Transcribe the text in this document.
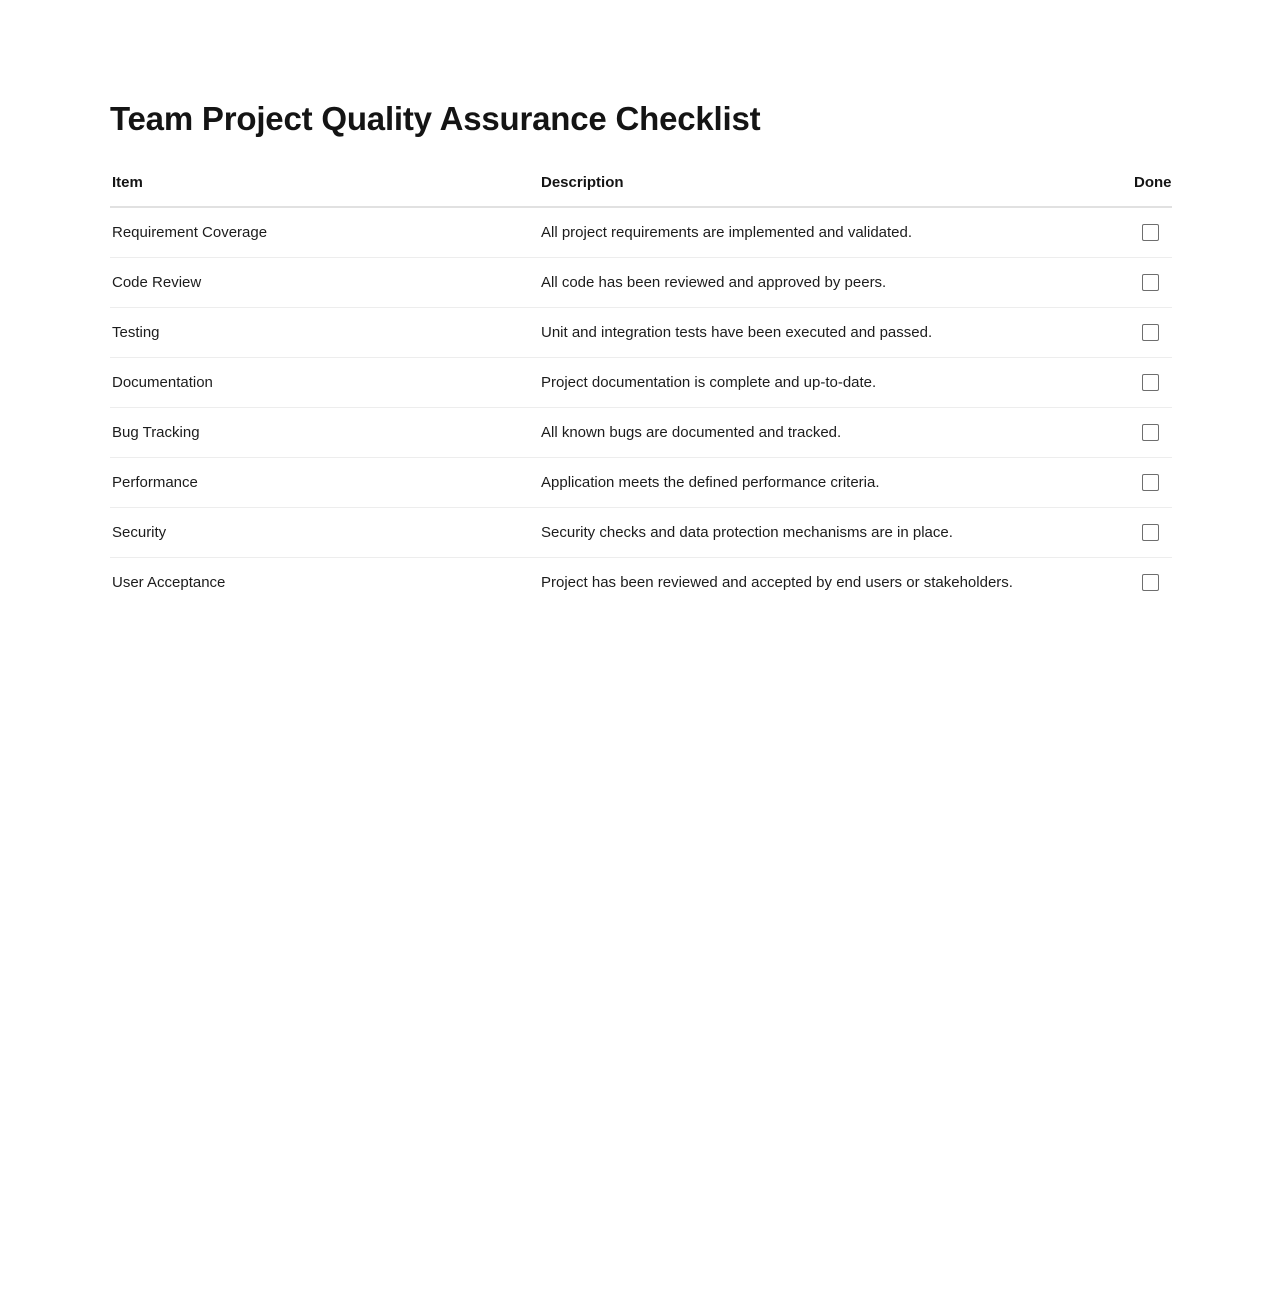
Team Project Quality Assurance Checklist
Item	Description	Done
Requirement Coverage	All project requirements are implemented and validated.	
Code Review	All code has been reviewed and approved by peers.	
Testing	Unit and integration tests have been executed and passed.	
Documentation	Project documentation is complete and up-to-date.	
Bug Tracking	All known bugs are documented and tracked.	
Performance	Application meets the defined performance criteria.	
Security	Security checks and data protection mechanisms are in place.	
User Acceptance	Project has been reviewed and accepted by end users or stakeholders.	
